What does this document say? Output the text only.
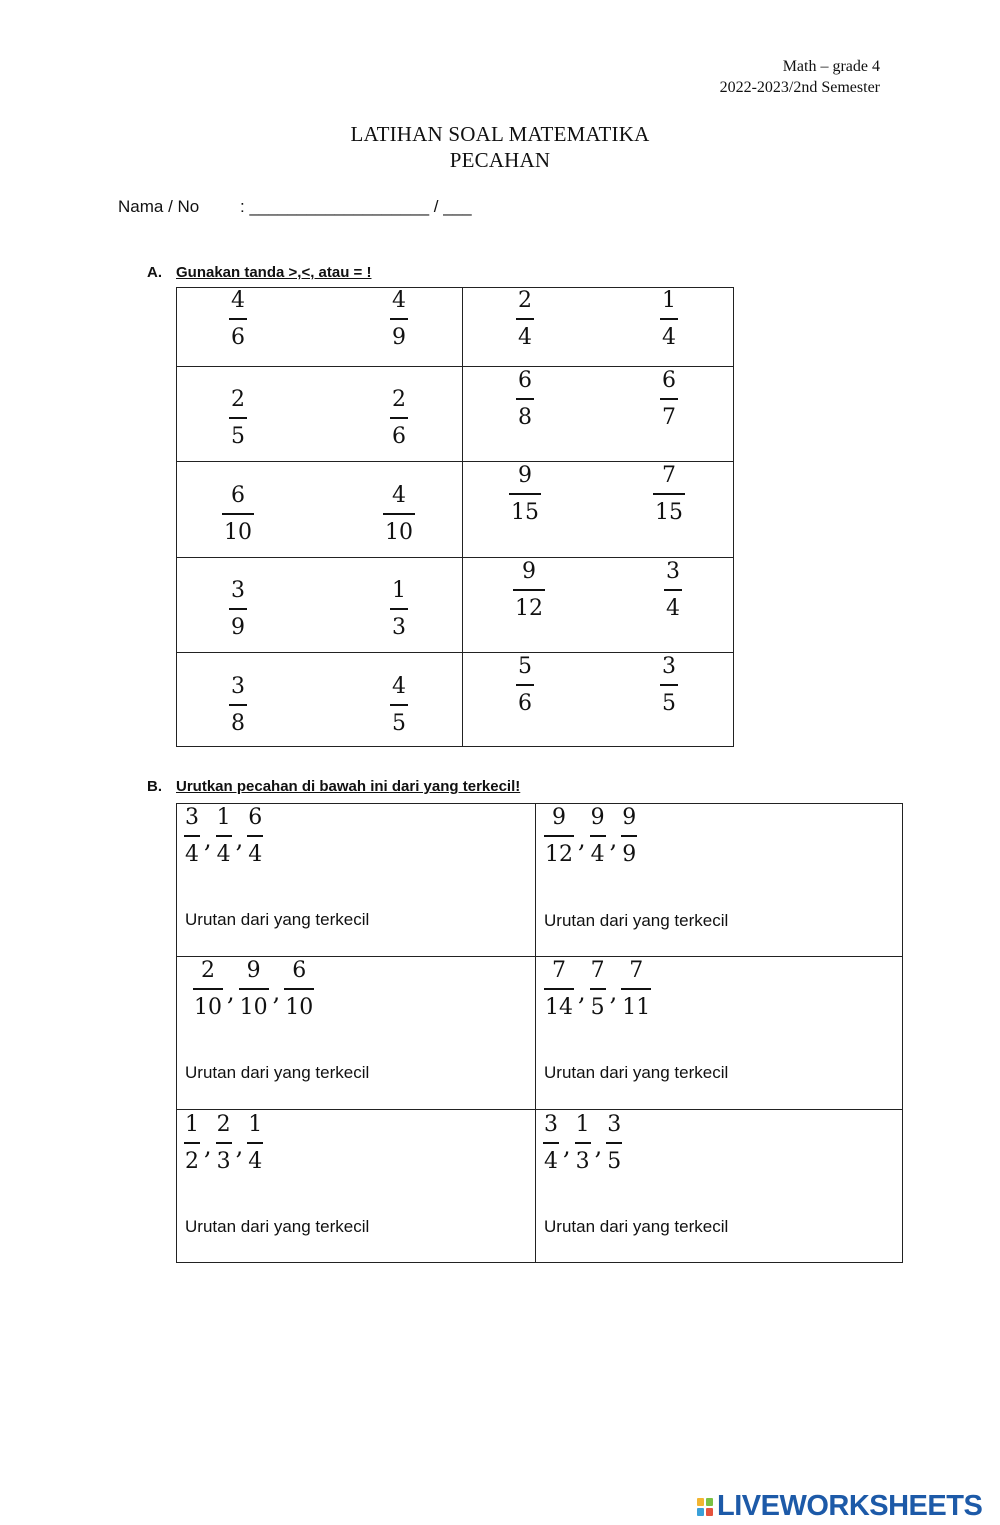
Math – grade 4
2022-2023/2nd Semester
LATIHAN SOAL MATEMATIKA
PECAHAN
Nama / No : ___________________ / ___
A. Gunakan tanda >,<, atau = !
4
6
4
9
2
4
1
4
2
5
2
6
6
8
6
7
6
10
4
10
9
15
7
15
3
9
1
3
9
12
3
4
3
8
4
5
5
6
3
5
B. Urutkan pecahan di bawah ini dari yang terkecil!
$\frac{3}{4}$ , $\frac{1}{4}$ , $\frac{6}{4}$
Urutan dari yang terkecil
$\frac{9}{12}$ , $\frac{9}{4}$ , $\frac{9}{9}$
Urutan dari yang terkecil
$\frac{2}{10}$ , $\frac{9}{10}$ , $\frac{6}{10}$
Urutan dari yang terkecil
$\frac{7}{14}$ , $\frac{7}{5}$ , $\frac{7}{11}$
Urutan dari yang terkecil
$\frac{1}{2}$ , $\frac{2}{3}$ , $\frac{1}{4}$
Urutan dari yang terkecil
$\frac{3}{4}$ , $\frac{1}{3}$ , $\frac{3}{5}$
Urutan dari yang terkecil
LIVEWORKSHEETS
